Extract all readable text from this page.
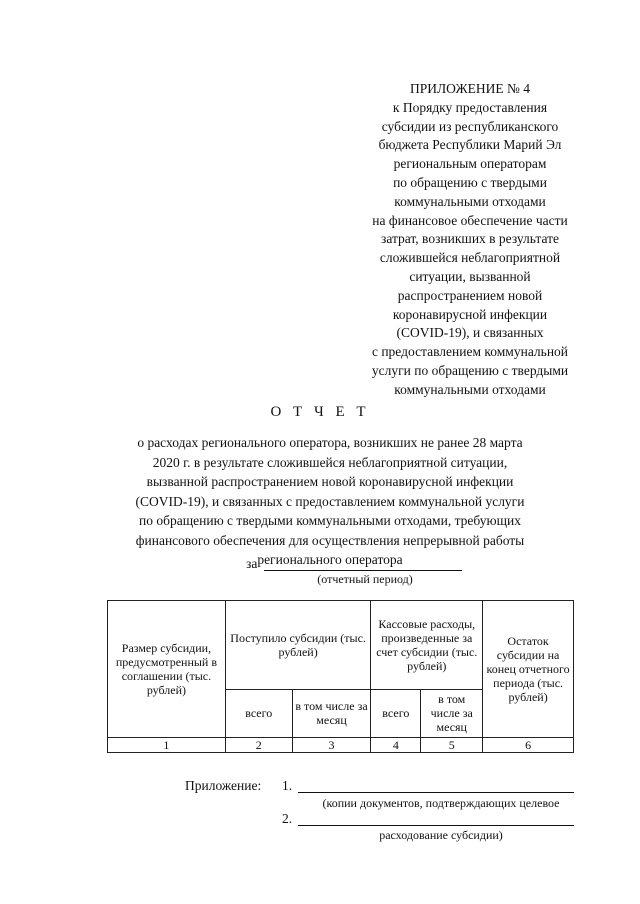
ПРИЛОЖЕНИЕ № 4
к Порядку предоставления
субсидии из республиканского
бюджета Республики Марий Эл
региональным операторам
по обращению с твердыми
коммунальными отходами
на финансовое обеспечение части
затрат, возникших в результате
сложившейся неблагоприятной
ситуации, вызванной
распространением новой
коронавирусной инфекции
(COVID-19), и связанных
с предоставлением коммунальной
услуги по обращению с твердыми
коммунальными отходами
О Т Ч Е Т
о расходах регионального оператора, возникших не ранее 28 марта
2020 г. в результате сложившейся неблагоприятной ситуации,
вызванной распространением новой коронавирусной инфекции
(COVID-19), и связанных с предоставлением коммунальной услуги
по обращению с твердыми коммунальными отходами, требующих
финансового обеспечения для осуществления непрерывной работы
регионального оператора
за
(отчетный период)
Размер субсидии, предусмотренный в соглашении (тыс. рублей)	Поступило субсидии (тыс. рублей)		Кассовые расходы, произведенные за счет субсидии (тыс. рублей)		Остаток субсидии на конец отчетного периода (тыс. рублей)
	всего	в том числе за месяц	всего	в том числе за месяц	
1	2	3	4	5	6
Приложение: 1.
(копии документов, подтверждающих целевое
2.
расходование субсидии)
